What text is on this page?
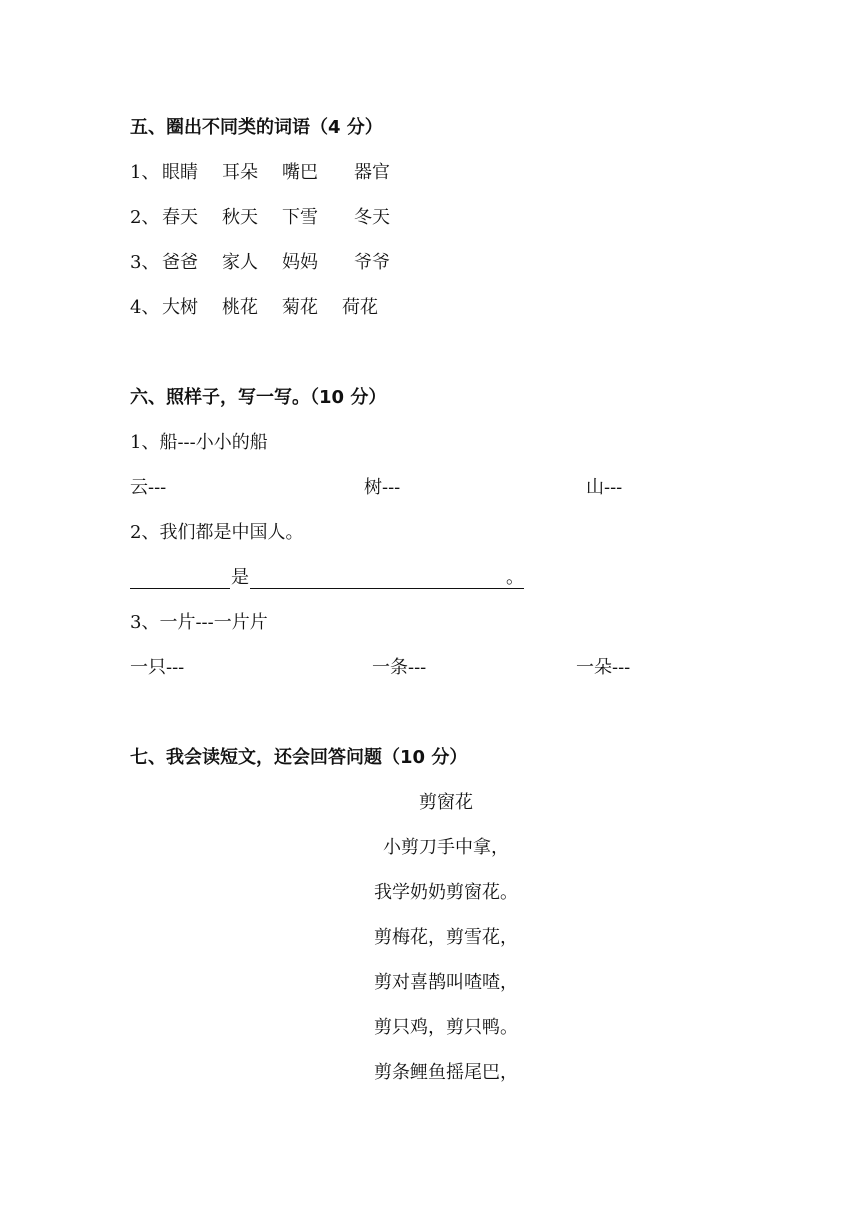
五、圈出不同类的词语（4 分）
1、 眼睛 耳朵 嘴巴 器官
2、 春天 秋天 下雪 冬天
3、 爸爸 家人 妈妈 爷爷
4、 大树 桃花 菊花 荷花
六、照样子，写一写。（10 分）
1、船---小小的船
云---	树---	山---
2、我们都是中国人。
是	。
3、一片---一片片
一只---	一条---	一朵---
七、我会读短文，还会回答问题（10 分）
剪窗花
小剪刀手中拿，
我学奶奶剪窗花。
剪梅花，剪雪花，
剪对喜鹊叫喳喳，
剪只鸡，剪只鸭。
剪条鲤鱼摇尾巴，
